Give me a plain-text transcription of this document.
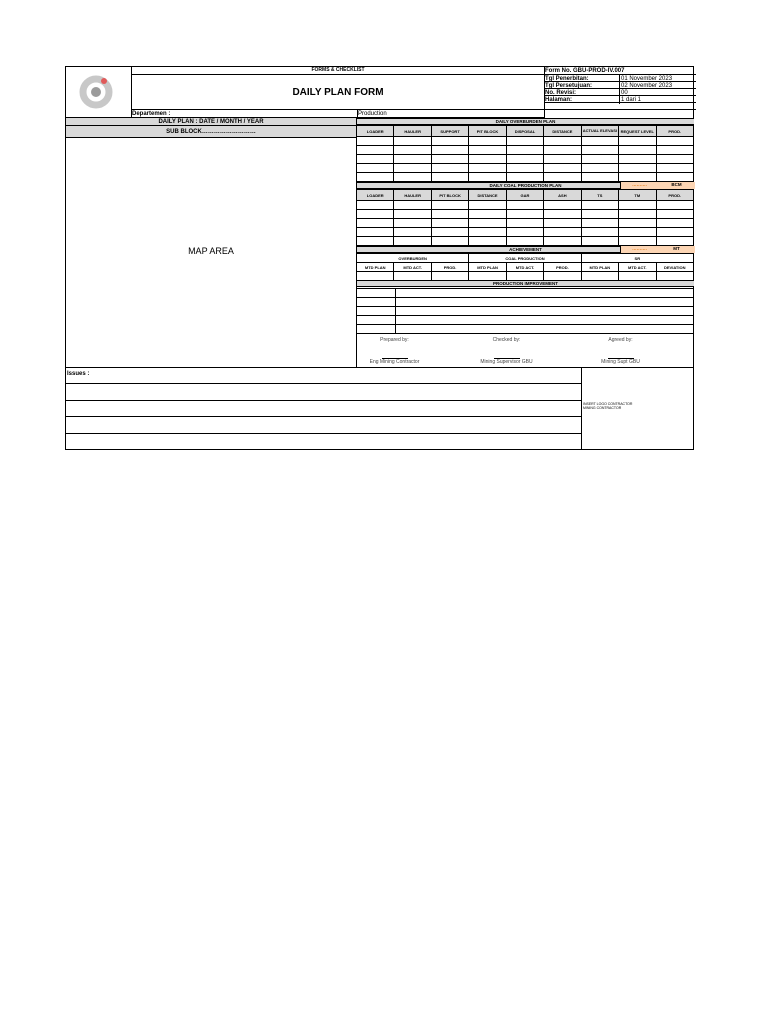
FORMS & CHECKLIST
DAILY PLAN FORM
Form No. GBU-PROD-IV.007
Tgl Penerbitan:	01 November 2023
Tgl Persetujuan:	02 November 2023
No. Revisi:	00
Halaman:	1 dari 1
Departemen :	Production
DAILY PLAN : DATE / MONTH / YEAR
SUB BLOCK………………………
MAP AREA
DAILY OVERBURDEN PLAN
LOADER	HAULER	SUPPORT	PIT BLOCK	DISPOSAL	DISTANCE	ACTUAL ELEVASI	REQUEST LEVEL	PROD.

DAILY COAL PRODUCTION PLAN	……….	BCM
LOADER	HAULER	PIT BLOCK	DISTANCE	GAR	ASH	TS	TM	PROD.

ACHIEVEMENT	……….	MT
OVERBURDEN			COAL PRODUCTION			SR		
MTD PLAN	MTD ACT.	PROD.	MTD PLAN	MTD ACT.	PROD.	MTD PLAN	MTD ACT.	DEVIATION

PRODUCTION IMPROVEMENT

Prepared by:
Eng Mining Contractor
Checked by:
Mining Supervisor GBU
Agreed by:
Mining Supt GBU
Issues :
INSERT LOGO CONTRACTOR
MINING CONTRACTOR
